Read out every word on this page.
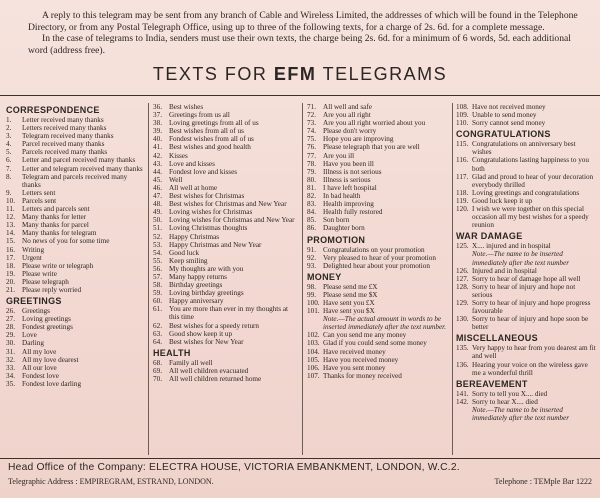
A reply to this telegram may be sent from any branch of Cable and Wireless Limited, the addresses of which will be found in the Telephone Directory, or from any Postal Telegraph Office, using up to three of the following texts, for a charge of 2s. 6d. for a complete message.

In the case of telegrams to India, senders must use their own texts, the charge being 2s. 6d. for a minimum of 6 words, 5d. each additional word (address free).

TEXTS FOR EFM TELEGRAMS
CORRESPONDENCE
1.	Letter received many thanks
2.	Letters received many thanks
3.	Telegram received many thanks
4.	Parcel received many thanks
5.	Parcels received many thanks
6.	Letter and parcel received many thanks
7.	Letter and telegram received many thanks
8.	Telegram and parcels received many thanks
9.	Letters sent
10. Parcels sent
11.	Letters and parcels sent
12. Many thanks for letter
13. Many thanks for parcel
14. Many thanks for telegram
15. No news of you for some time
16. Writing
17. Urgent
18. Please write or telegraph
19. Please write
20. Please telegraph
21. Please reply worried
GREETINGS
26. Greetings
27. Loving greetings
28. Fondest greetings
29. Love
30. Darling
31. All my love
32. All my love dearest
33. All our love
34. Fondest love
35. Fondest love darling
36. Best wishes
37. Greetings from us all
38. Loving greetings from all of us
39. Best wishes from all of us
40. Fondest wishes from all of us
41. Best wishes and good health
42. Kisses
43. Love and kisses
44. Fondest love and kisses
45. Well
46. All well at home
47. Best wishes for Christmas
48. Best wishes for Christmas and New Year
49. Loving wishes for Christmas
50. Loving wishes for Christmas and New Year
51. Loving Christmas thoughts
52. Happy Christmas
53. Happy Christmas and New Year
54. Good luck
55. Keep smiling
56. My thoughts are with you
57. Many happy returns
58. Birthday greetings
59. Loving birthday greetings
60. Happy anniversary
61. You are more than ever in my thoughts at this time
62. Best wishes for a speedy return
63. Good show keep it up
64. Best wishes for New Year
HEALTH
68. Family all well
69. All well children evacuated
70. All well children returned home
71. All well and safe
72. Are you all right
73. Are you all right worried about you
74. Please don't worry
75. Hope you are improving
76. Please telegraph that you are well
77. Are you ill
78. Have you been ill
79. Illness is not serious
80. Illness is serious
81. I have left hospital
82. In bad health
83. Health improving
84. Health fully restored
85. Son born
86. Daughter born
PROMOTION
91. Congratulations on your promotion
92. Very pleased to hear of your promotion
93. Delighted hear about your promotion
MONEY
98. Please send me £X
99. Please send me $X
100. Have sent you £X
101. Have sent you $X
Note.—The actual amount in words to be inserted immediately after the text number.
102. Can you send me any money
103. Glad if you could send some money
104. Have received money
105. Have you received money
106. Have you sent money
107. Thanks for money received
108. Have not received money
109. Unable to send money
110. Sorry cannot send money
CONGRATULATIONS
115. Congratulations on anniversary best wishes
116. Congratulations lasting happiness to you both
117. Glad and proud to hear of your decoration everybody thrilled
118. Loving greetings and congratulations
119. Good luck keep it up
120. I wish we were together on this special occasion all my best wishes for a speedy reunion
WAR DAMAGE
125. X.... injured and in hospital
Note.—The name to be inserted immediately after the text number
126. Injured and in hospital
127. Sorry to hear of damage hope all well
128. Sorry to hear of injury and hope not serious
129. Sorry to hear of injury and hope progress favourable
130. Sorry to hear of injury and hope soon be better
MISCELLANEOUS
135. Very happy to hear from you dearest am fit and well
136. Hearing your voice on the wireless gave me a wonderful thrill
BEREAVEMENT
141. Sorry to tell you X.... died
142. Sorry to hear X.... died
Note.—The name to be inserted immediately after the text number
Head Office of the Company: ELECTRA HOUSE, VICTORIA EMBANKMENT, LONDON, W.C.2.
Telegraphic Address : EMPIREGRAM, ESTRAND, LONDON.	Telephone : TEMple Bar 1222
